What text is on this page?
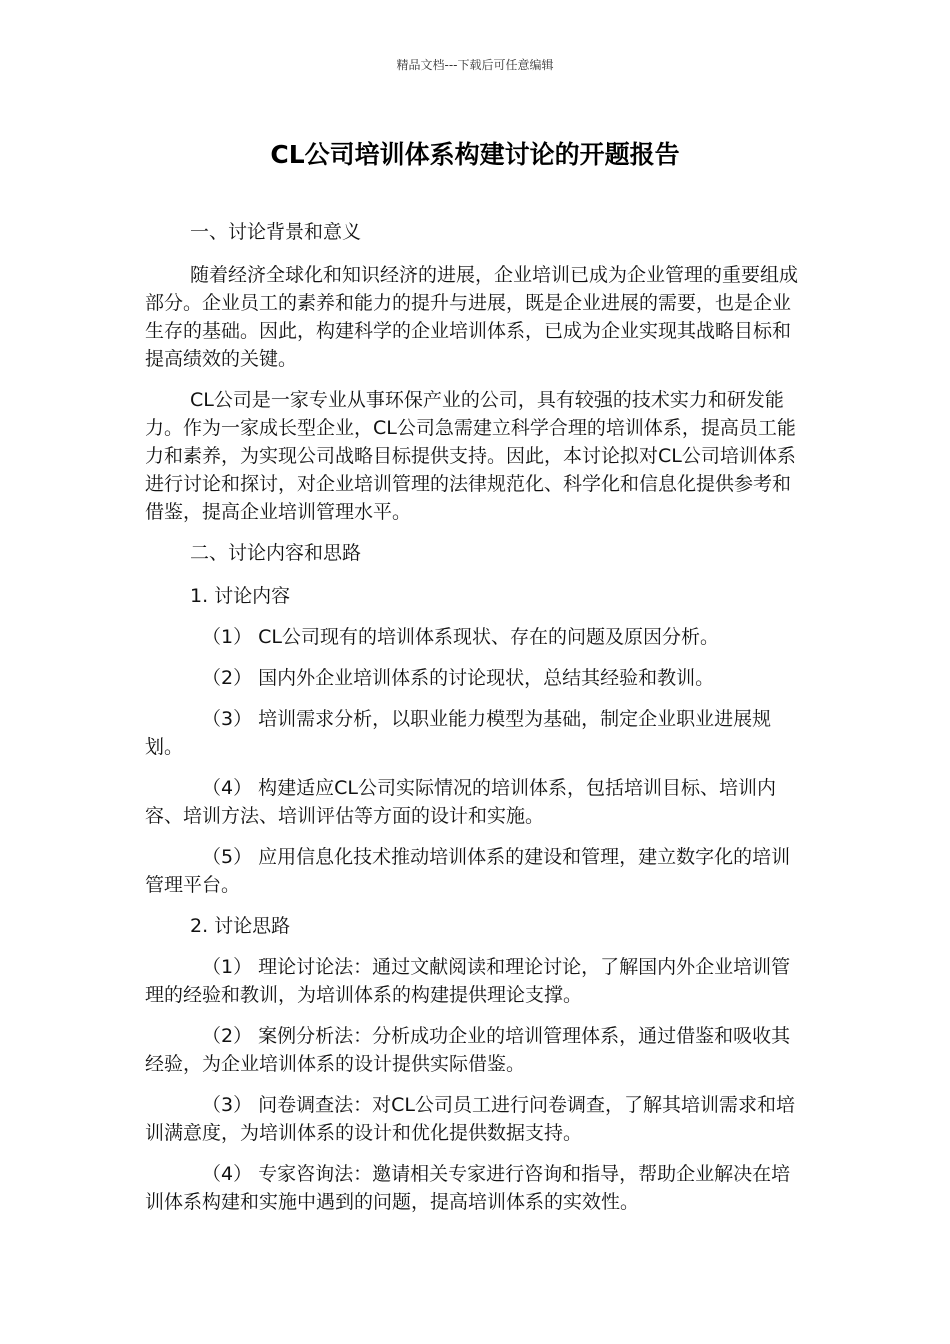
精品文档---下载后可任意编辑
CL公司培训体系构建讨论的开题报告

一、讨论背景和意义

随着经济全球化和知识经济的进展，企业培训已成为企业管理的重要组成部分。企业员工的素养和能力的提升与进展，既是企业进展的需要，也是企业生存的基础。因此，构建科学的企业培训体系，已成为企业实现其战略目标和提高绩效的关键。

CL公司是一家专业从事环保产业的公司，具有较强的技术实力和研发能力。作为一家成长型企业，CL公司急需建立科学合理的培训体系，提高员工能力和素养，为实现公司战略目标提供支持。因此，本讨论拟对CL公司培训体系进行讨论和探讨，对企业培训管理的法律规范化、科学化和信息化提供参考和借鉴，提高企业培训管理水平。

二、讨论内容和思路

1. 讨论内容

（1） CL公司现有的培训体系现状、存在的问题及原因分析。

（2） 国内外企业培训体系的讨论现状，总结其经验和教训。

（3） 培训需求分析，以职业能力模型为基础，制定企业职业进展规划。

（4） 构建适应CL公司实际情况的培训体系，包括培训目标、培训内容、培训方法、培训评估等方面的设计和实施。

（5） 应用信息化技术推动培训体系的建设和管理，建立数字化的培训管理平台。

2. 讨论思路

（1） 理论讨论法：通过文献阅读和理论讨论，了解国内外企业培训管理的经验和教训，为培训体系的构建提供理论支撑。

（2） 案例分析法：分析成功企业的培训管理体系，通过借鉴和吸收其经验，为企业培训体系的设计提供实际借鉴。

（3） 问卷调查法：对CL公司员工进行问卷调查，了解其培训需求和培训满意度，为培训体系的设计和优化提供数据支持。

（4） 专家咨询法：邀请相关专家进行咨询和指导，帮助企业解决在培训体系构建和实施中遇到的问题，提高培训体系的实效性。
